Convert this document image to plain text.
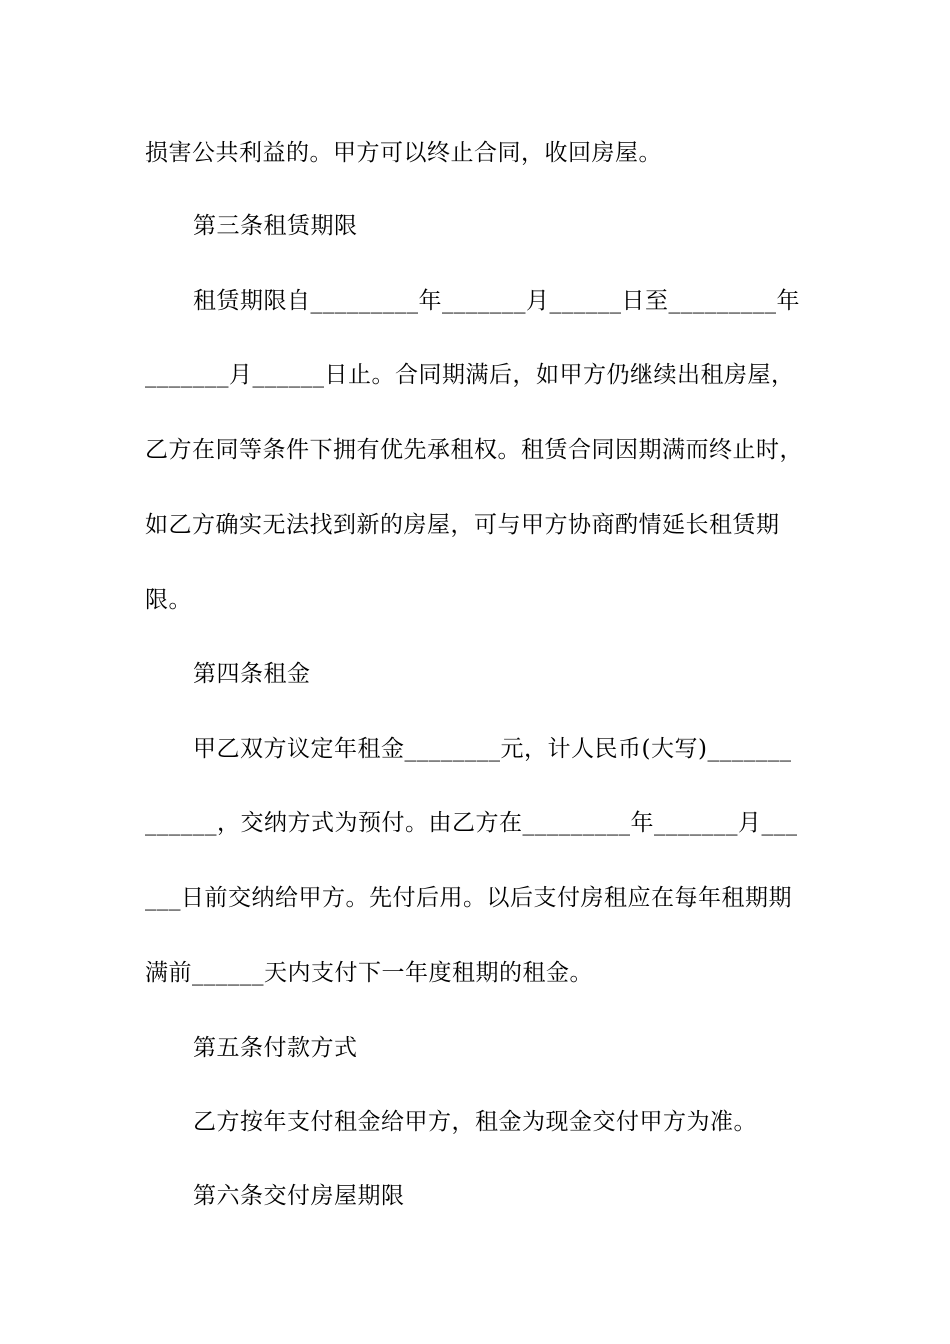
损害公共利益的。甲方可以终止合同，收回房屋。
第三条租赁期限
租赁期限自_________年_______月______日至_________年
_______月______日止。合同期满后，如甲方仍继续出租房屋，
乙方在同等条件下拥有优先承租权。租赁合同因期满而终止时，
如乙方确实无法找到新的房屋，可与甲方协商酌情延长租赁期
限。
第四条租金
甲乙双方议定年租金________元，计人民币(大写)_______
______，交纳方式为预付。由乙方在_________年_______月___
___日前交纳给甲方。先付后用。以后支付房租应在每年租期期
满前______天内支付下一年度租期的租金。
第五条付款方式
乙方按年支付租金给甲方，租金为现金交付甲方为准。
第六条交付房屋期限
